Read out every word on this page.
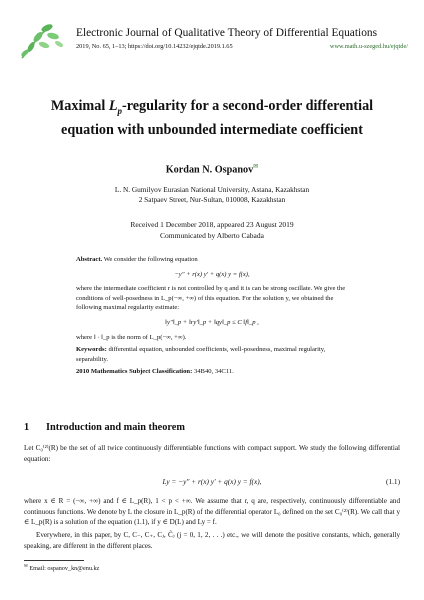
Electronic Journal of Qualitative Theory of Differential Equations
2019, No. 65, 1–13; https://doi.org/10.14232/ejqtde.2019.1.65	www.math.u-szeged.hu/ejqtde/
Maximal $L_p$-regularity for a second-order differential
equation with unbounded intermediate coefficient
Kordan N. Ospanov✉
L. N. Gumilyov Eurasian National University, Astana, Kazakhstan
2 Satpaev Street, Nur-Sultan, 010008, Kazakhstan
Received 1 December 2018, appeared 23 August 2019
Communicated by Alberto Cabada

Abstract. We consider the following equation

−y″ + r(x) y′ + q(x) y = f(x),

where the intermediate coefficient r is not controlled by q and it is can be strong oscillate. We give the conditions of well-posedness in L_p(−∞, +∞) of this equation. For the solution y, we obtained the following maximal regularity estimate:

‖y″‖_p + ‖ry′‖_p + ‖qy‖_p ≤ C ‖f‖_p ,

where ‖ · ‖_p is the norm of L_p(−∞, +∞).

Keywords: differential equation, unbounded coefficients, well-posedness, maximal regularity, separability.

2010 Mathematics Subject Classification: 34B40, 34C11.

1 Introduction and main theorem

Let C₀⁽²⁾(R) be the set of all twice continuously differentiable functions with compact support. We study the following differential equation:

Ly = −y″ + r(x) y′ + q(x) y = f(x),	(1.1)

where x ∈ R = (−∞, +∞) and f ∈ L_p(R), 1 < p < +∞. We assume that r, q are, respectively, continuously differentiable and continuous functions. We denote by L the closure in L_p(R) of the differential operator L₀ defined on the set C₀⁽²⁾(R). We call that y ∈ L_p(R) is a solution of the equation (1.1), if y ∈ D(L) and Ly = f.

Everywhere, in this paper, by C, C₋, C₊, Cⱼ, C̃ⱼ (j = 0, 1, 2, . . .) etc., we will denote the positive constants, which, generally speaking, are different in the different places.

✉ Email: ospanov_kn@enu.kz
